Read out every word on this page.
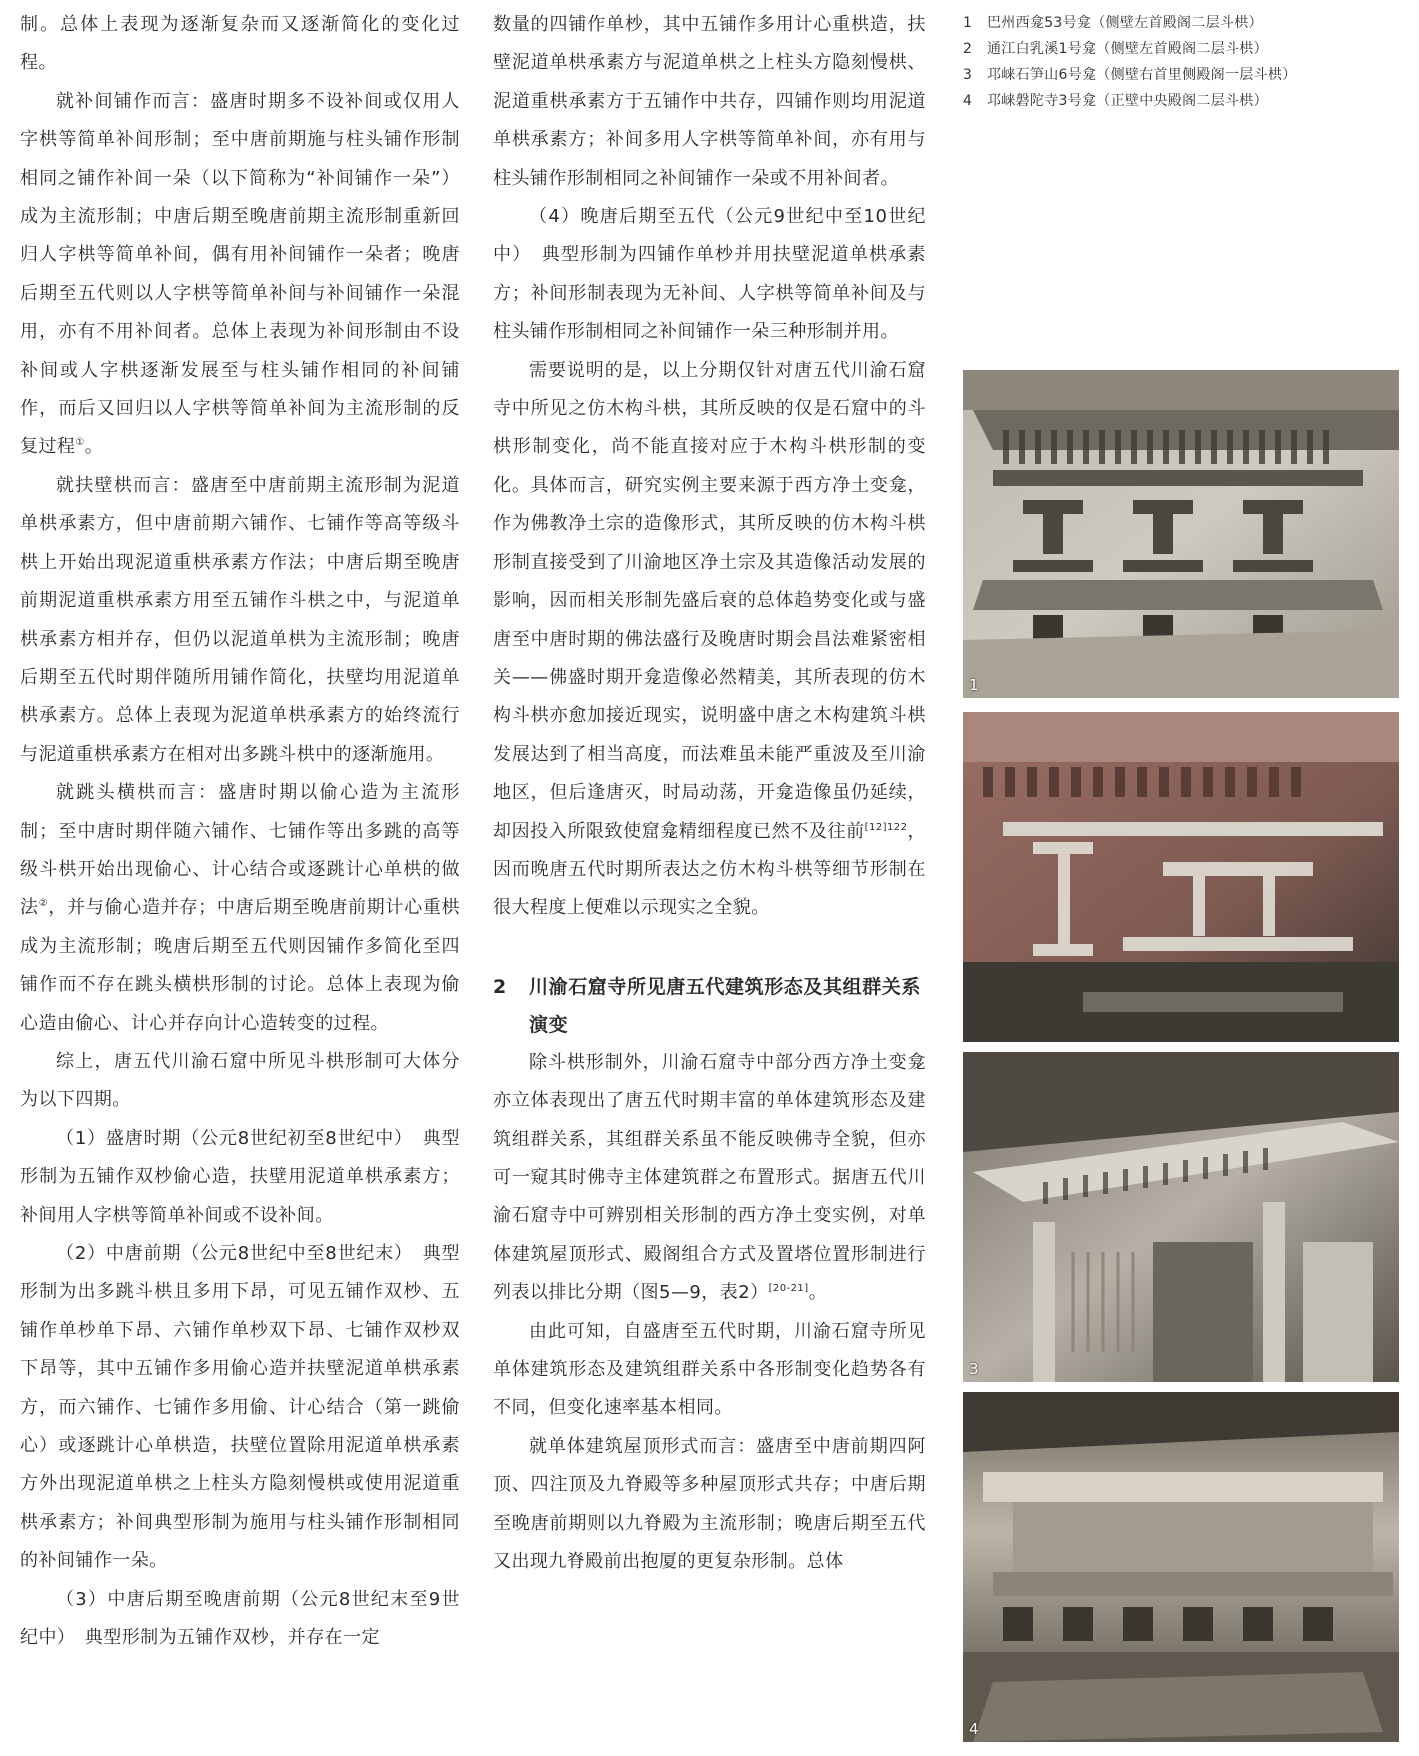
制。总体上表现为逐渐复杂而又逐渐简化的变化过程。

就补间铺作而言：盛唐时期多不设补间或仅用人字栱等简单补间形制；至中唐前期施与柱头铺作形制相同之铺作补间一朵（以下简称为“补间铺作一朵”）成为主流形制；中唐后期至晚唐前期主流形制重新回归人字栱等简单补间，偶有用补间铺作一朵者；晚唐后期至五代则以人字栱等简单补间与补间铺作一朵混用，亦有不用补间者。总体上表现为补间形制由不设补间或人字栱逐渐发展至与柱头铺作相同的补间铺作，而后又回归以人字栱等简单补间为主流形制的反复过程①。

就扶壁栱而言：盛唐至中唐前期主流形制为泥道单栱承素方，但中唐前期六铺作、七铺作等高等级斗栱上开始出现泥道重栱承素方作法；中唐后期至晚唐前期泥道重栱承素方用至五铺作斗栱之中，与泥道单栱承素方相并存，但仍以泥道单栱为主流形制；晚唐后期至五代时期伴随所用铺作简化，扶壁均用泥道单栱承素方。总体上表现为泥道单栱承素方的始终流行与泥道重栱承素方在相对出多跳斗栱中的逐渐施用。

就跳头横栱而言：盛唐时期以偷心造为主流形制；至中唐时期伴随六铺作、七铺作等出多跳的高等级斗栱开始出现偷心、计心结合或逐跳计心单栱的做法②，并与偷心造并存；中唐后期至晚唐前期计心重栱成为主流形制；晚唐后期至五代则因铺作多简化至四铺作而不存在跳头横栱形制的讨论。总体上表现为偷心造由偷心、计心并存向计心造转变的过程。

综上，唐五代川渝石窟中所见斗栱形制可大体分为以下四期。

（1）盛唐时期（公元8世纪初至8世纪中）　典型形制为五铺作双杪偷心造，扶壁用泥道单栱承素方；补间用人字栱等简单补间或不设补间。

（2）中唐前期（公元8世纪中至8世纪末）　典型形制为出多跳斗栱且多用下昂，可见五铺作双杪、五铺作单杪单下昂、六铺作单杪双下昂、七铺作双杪双下昂等，其中五铺作多用偷心造并扶壁泥道单栱承素方，而六铺作、七铺作多用偷、计心结合（第一跳偷心）或逐跳计心单栱造，扶壁位置除用泥道单栱承素方外出现泥道单栱之上柱头方隐刻慢栱或使用泥道重栱承素方；补间典型形制为施用与柱头铺作形制相同的补间铺作一朵。

（3）中唐后期至晚唐前期（公元8世纪末至9世纪中）　典型形制为五铺作双杪，并存在一定

数量的四铺作单杪，其中五铺作多用计心重栱造，扶壁泥道单栱承素方与泥道单栱之上柱头方隐刻慢栱、泥道重栱承素方于五铺作中共存，四铺作则均用泥道单栱承素方；补间多用人字栱等简单补间，亦有用与柱头铺作形制相同之补间铺作一朵或不用补间者。

（4）晚唐后期至五代（公元9世纪中至10世纪中）　典型形制为四铺作单杪并用扶壁泥道单栱承素方；补间形制表现为无补间、人字栱等简单补间及与柱头铺作形制相同之补间铺作一朵三种形制并用。

需要说明的是，以上分期仅针对唐五代川渝石窟寺中所见之仿木构斗栱，其所反映的仅是石窟中的斗栱形制变化，尚不能直接对应于木构斗栱形制的变化。具体而言，研究实例主要来源于西方净土变龛，作为佛教净土宗的造像形式，其所反映的仿木构斗栱形制直接受到了川渝地区净土宗及其造像活动发展的影响，因而相关形制先盛后衰的总体趋势变化或与盛唐至中唐时期的佛法盛行及晚唐时期会昌法难紧密相关——佛盛时期开龛造像必然精美，其所表现的仿木构斗栱亦愈加接近现实，说明盛中唐之木构建筑斗栱发展达到了相当高度，而法难虽未能严重波及至川渝地区，但后逢唐灭，时局动荡，开龛造像虽仍延续，却因投入所限致使窟龛精细程度已然不及往前$^{[12]122}$，因而晚唐五代时期所表达之仿木构斗栱等细节形制在很大程度上便难以示现实之全貌。

2 川渝石窟寺所见唐五代建筑形态及其组群关系演变

除斗栱形制外，川渝石窟寺中部分西方净土变龛亦立体表现出了唐五代时期丰富的单体建筑形态及建筑组群关系，其组群关系虽不能反映佛寺全貌，但亦可一窥其时佛寺主体建筑群之布置形式。据唐五代川渝石窟寺中可辨别相关形制的西方净土变实例，对单体建筑屋顶形式、殿阁组合方式及置塔位置形制进行列表以排比分期（图5—9，表2）[20-21]。

由此可知，自盛唐至五代时期，川渝石窟寺所见单体建筑形态及建筑组群关系中各形制变化趋势各有不同，但变化速率基本相同。

就单体建筑屋顶形式而言：盛唐至中唐前期四阿顶、四注顶及九脊殿等多种屋顶形式共存；中唐后期至晚唐前期则以九脊殿为主流形制；晚唐后期至五代又出现九脊殿前出抱厦的更复杂形制。总体

1	巴州西龛53号龛（侧壁左首殿阁二层斗栱）
2	通江白乳溪1号龛（侧壁左首殿阁二层斗栱）
3	邛崃石笋山6号龛（侧壁右首里侧殿阁一层斗栱）
4	邛崃磐陀寺3号龛（正壁中央殿阁二层斗栱）
1
3
4
